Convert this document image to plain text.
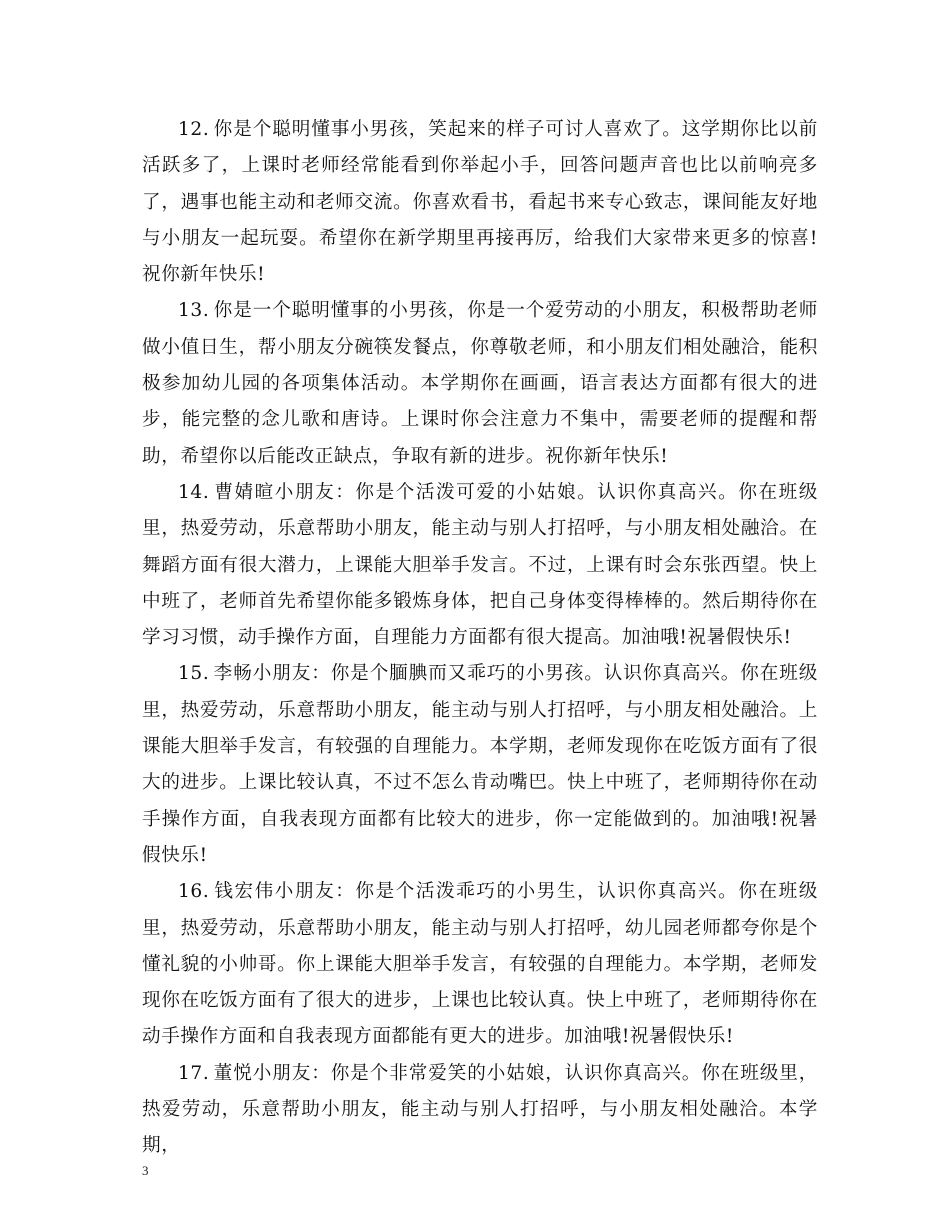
12. 你是个聪明懂事小男孩，笑起来的样子可讨人喜欢了。这学期你比以前活跃多了，上课时老师经常能看到你举起小手，回答问题声音也比以前响亮多了，遇事也能主动和老师交流。你喜欢看书，看起书来专心致志，课间能友好地与小朋友一起玩耍。希望你在新学期里再接再厉，给我们大家带来更多的惊喜!祝你新年快乐!

13. 你是一个聪明懂事的小男孩，你是一个爱劳动的小朋友，积极帮助老师做小值日生，帮小朋友分碗筷发餐点，你尊敬老师，和小朋友们相处融洽，能积极参加幼儿园的各项集体活动。本学期你在画画，语言表达方面都有很大的进步，能完整的念儿歌和唐诗。上课时你会注意力不集中，需要老师的提醒和帮助，希望你以后能改正缺点，争取有新的进步。祝你新年快乐!

14. 曹婧暄小朋友：你是个活泼可爱的小姑娘。认识你真高兴。你在班级里，热爱劳动，乐意帮助小朋友，能主动与别人打招呼，与小朋友相处融洽。在舞蹈方面有很大潜力，上课能大胆举手发言。不过，上课有时会东张西望。快上中班了，老师首先希望你能多锻炼身体，把自己身体变得棒棒的。然后期待你在学习习惯，动手操作方面，自理能力方面都有很大提高。加油哦!祝暑假快乐!

15. 李畅小朋友：你是个腼腆而又乖巧的小男孩。认识你真高兴。你在班级里，热爱劳动，乐意帮助小朋友，能主动与别人打招呼，与小朋友相处融洽。上课能大胆举手发言，有较强的自理能力。本学期，老师发现你在吃饭方面有了很大的进步。上课比较认真，不过不怎么肯动嘴巴。快上中班了，老师期待你在动手操作方面，自我表现方面都有比较大的进步，你一定能做到的。加油哦!祝暑假快乐!

16. 钱宏伟小朋友：你是个活泼乖巧的小男生，认识你真高兴。你在班级里，热爱劳动，乐意帮助小朋友，能主动与别人打招呼，幼儿园老师都夸你是个懂礼貌的小帅哥。你上课能大胆举手发言，有较强的自理能力。本学期，老师发现你在吃饭方面有了很大的进步，上课也比较认真。快上中班了，老师期待你在动手操作方面和自我表现方面都能有更大的进步。加油哦!祝暑假快乐!

17. 董悦小朋友：你是个非常爱笑的小姑娘，认识你真高兴。你在班级里，热爱劳动，乐意帮助小朋友，能主动与别人打招呼，与小朋友相处融洽。本学期，

3
